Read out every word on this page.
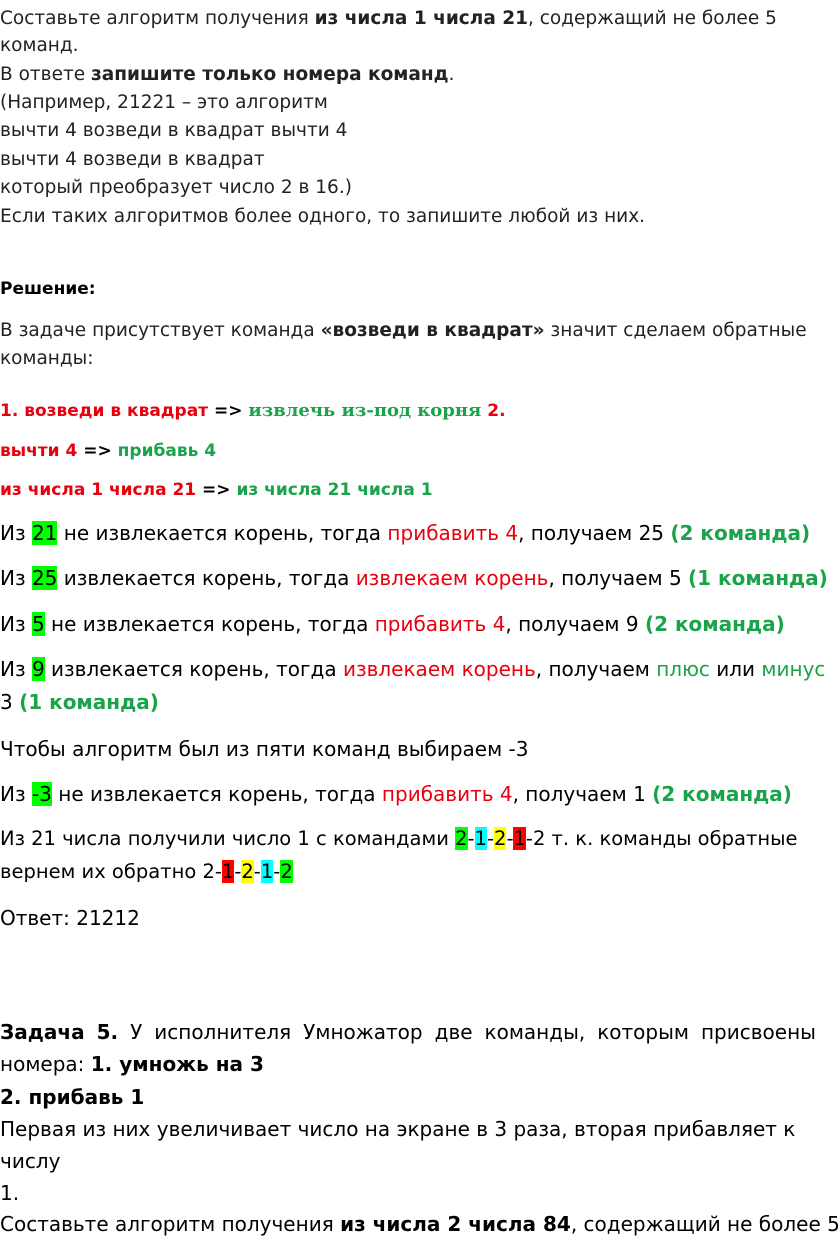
Составьте алгоритм получения из числа 1 числа 21, содержащий не более 5
команд.
В ответе запишите только номера команд.
(Например, 21221 – это алгоритм
вычти 4 возведи в квадрат вычти 4
вычти 4 возведи в квадрат
который преобразует число 2 в 16.)
Если таких алгоритмов более одного, то запишите любой из них.
Решение:
В задаче присутствует команда «возведи в квадрат» значит сделаем обратные
команды:
1. возведи в квадрат => извлечь из-под корня 2.
вычти 4 => прибавь 4
из числа 1 числа 21 => из числа 21 числа 1
Из 21 не извлекается корень, тогда прибавить 4, получаем 25 (2 команда)
Из 25 извлекается корень, тогда извлекаем корень, получаем 5 (1 команда)
Из 5 не извлекается корень, тогда прибавить 4, получаем 9 (2 команда)
Из 9 извлекается корень, тогда извлекаем корень, получаем плюс или минус
3 (1 команда)
Чтобы алгоритм был из пяти команд выбираем -3
Из -3 не извлекается корень, тогда прибавить 4, получаем 1 (2 команда)
Из 21 числа получили число 1 с командами 2-1-2-1-2 т. к. команды обратные
вернем их обратно 2-1-2-1-2
Ответ: 21212
Задача 5. У исполнителя Умножатор две команды, которым присвоены
номера: 1. умножь на 3
2. прибавь 1
Первая из них увеличивает число на экране в 3 раза, вторая прибавляет к
числу
1.
Составьте алгоритм получения из числа 2 числа 84, содержащий не более 5
